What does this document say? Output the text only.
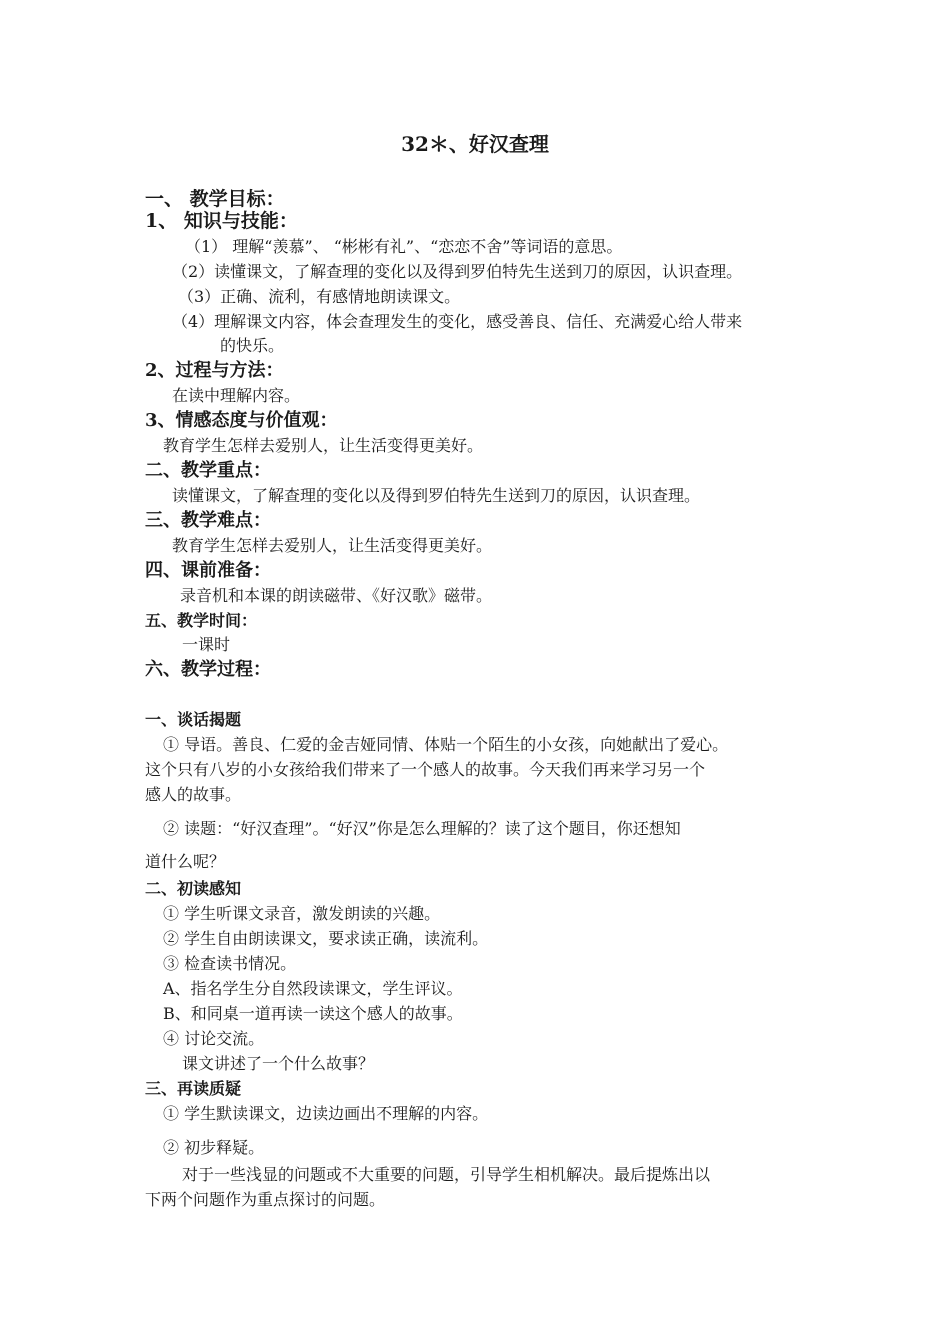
32＊、好汉查理
一、 教学目标：
1、 知识与技能：
（1） 理解“羡慕”、 “彬彬有礼”、“恋恋不舍”等词语的意思。
（2）读懂课文，了解查理的变化以及得到罗伯特先生送到刀的原因，认识查理。
（3）正确、流利，有感情地朗读课文。
（4）理解课文内容，体会查理发生的变化，感受善良、信任、充满爱心给人带来
的快乐。
2、过程与方法：
在读中理解内容。
3、情感态度与价值观：
教育学生怎样去爱别人，让生活变得更美好。
二、教学重点：
读懂课文，了解查理的变化以及得到罗伯特先生送到刀的原因，认识查理。
三、教学难点：
教育学生怎样去爱别人，让生活变得更美好。
四、课前准备：
录音机和本课的朗读磁带、《好汉歌》磁带。
五、教学时间：
一课时
六、教学过程：
一、谈话揭题
① 导语。善良、仁爱的金吉娅同情、体贴一个陌生的小女孩，向她献出了爱心。
这个只有八岁的小女孩给我们带来了一个感人的故事。今天我们再来学习另一个
感人的故事。
② 读题：“好汉查理”。“好汉”你是怎么理解的？读了这个题目，你还想知
道什么呢？
二、初读感知
① 学生听课文录音，激发朗读的兴趣。
② 学生自由朗读课文，要求读正确，读流利。
③ 检查读书情况。
A、指名学生分自然段读课文，学生评议。
B、和同桌一道再读一读这个感人的故事。
④ 讨论交流。
课文讲述了一个什么故事？
三、再读质疑
① 学生默读课文，边读边画出不理解的内容。
② 初步释疑。
对于一些浅显的问题或不大重要的问题，引导学生相机解决。最后提炼出以
下两个问题作为重点探讨的问题。
